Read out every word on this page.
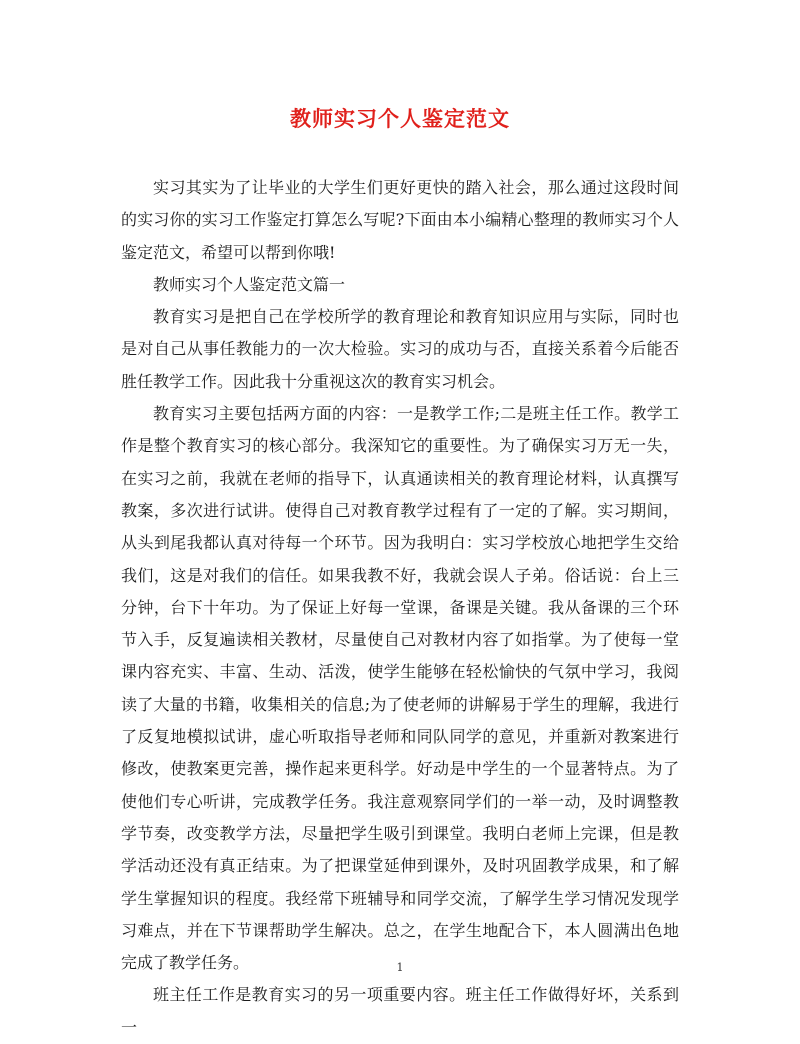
教师实习个人鉴定范文

实习其实为了让毕业的大学生们更好更快的踏入社会，那么通过这段时间的实习你的实习工作鉴定打算怎么写呢?下面由本小编精心整理的教师实习个人鉴定范文，希望可以帮到你哦!

教师实习个人鉴定范文篇一

教育实习是把自己在学校所学的教育理论和教育知识应用与实际，同时也是对自己从事任教能力的一次大检验。实习的成功与否，直接关系着今后能否胜任教学工作。因此我十分重视这次的教育实习机会。

教育实习主要包括两方面的内容：一是教学工作;二是班主任工作。教学工作是整个教育实习的核心部分。我深知它的重要性。为了确保实习万无一失，在实习之前，我就在老师的指导下，认真通读相关的教育理论材料，认真撰写教案，多次进行试讲。使得自己对教育教学过程有了一定的了解。实习期间，从头到尾我都认真对待每一个环节。因为我明白：实习学校放心地把学生交给我们，这是对我们的信任。如果我教不好，我就会误人子弟。俗话说：台上三分钟，台下十年功。为了保证上好每一堂课，备课是关键。我从备课的三个环节入手，反复遍读相关教材，尽量使自己对教材内容了如指掌。为了使每一堂课内容充实、丰富、生动、活泼，使学生能够在轻松愉快的气氛中学习，我阅读了大量的书籍，收集相关的信息;为了使老师的讲解易于学生的理解，我进行了反复地模拟试讲，虚心听取指导老师和同队同学的意见，并重新对教案进行修改，使教案更完善，操作起来更科学。好动是中学生的一个显著特点。为了使他们专心听讲，完成教学任务。我注意观察同学们的一举一动，及时调整教学节奏，改变教学方法，尽量把学生吸引到课堂。我明白老师上完课，但是教学活动还没有真正结束。为了把课堂延伸到课外，及时巩固教学成果，和了解学生掌握知识的程度。我经常下班辅导和同学交流，了解学生学习情况发现学习难点，并在下节课帮助学生解决。总之，在学生地配合下，本人圆满出色地完成了教学任务。

班主任工作是教育实习的另一项重要内容。班主任工作做得好坏，关系到一

1
